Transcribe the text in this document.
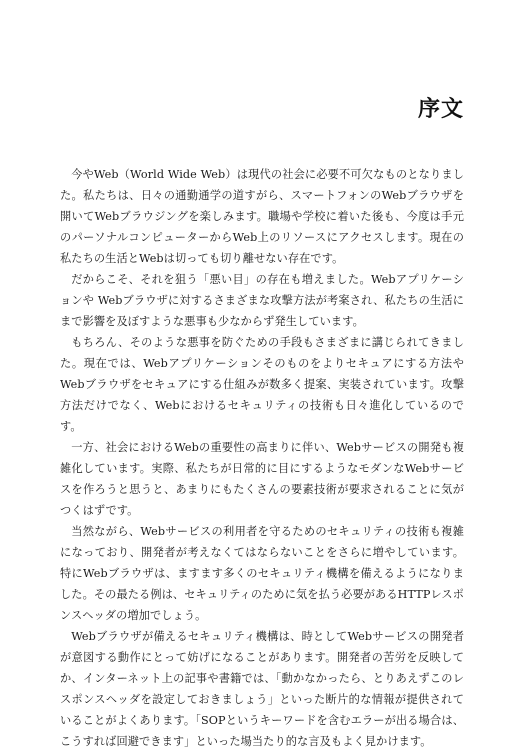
序文

今やWeb（World Wide Web）は現代の社会に必要不可欠なものとなりました。私たちは、日々の通勤通学の道すがら、スマートフォンのWebブラウザを開いてWebブラウジングを楽しみます。職場や学校に着いた後も、今度は手元のパーソナルコンピューターからWeb上のリソースにアクセスします。現在の私たちの生活とWebは切っても切り離せない存在です。

だからこそ、それを狙う「悪い目」の存在も増えました。Webアプリケーションや Webブラウザに対するさまざまな攻撃方法が考案され、私たちの生活にまで影響を及ぼすような悪事も少なからず発生しています。

もちろん、そのような悪事を防ぐための手段もさまざまに講じられてきました。現在では、Webアプリケーションそのものをよりセキュアにする方法やWebブラウザをセキュアにする仕組みが数多く提案、実装されています。攻撃方法だけでなく、Webにおけるセキュリティの技術も日々進化しているのです。

一方、社会におけるWebの重要性の高まりに伴い、Webサービスの開発も複雑化しています。実際、私たちが日常的に目にするようなモダンなWebサービスを作ろうと思うと、あまりにもたくさんの要素技術が要求されることに気がつくはずです。

当然ながら、Webサービスの利用者を守るためのセキュリティの技術も複雑になっており、開発者が考えなくてはならないことをさらに増やしています。特にWebブラウザは、ますます多くのセキュリティ機構を備えるようになりました。その最たる例は、セキュリティのために気を払う必要があるHTTPレスポンスヘッダの増加でしょう。

Webブラウザが備えるセキュリティ機構は、時としてWebサービスの開発者が意図する動作にとって妨げになることがあります。開発者の苦労を反映してか、インターネット上の記事や書籍では、「動かなかったら、とりあえずこのレスポンスヘッダを設定しておきましょう」といった断片的な情報が提供されていることがよくあります。「SOPというキーワードを含むエラーが出る場合は、こうすれば回避できます」といった場当たり的な言及もよく見かけます。
